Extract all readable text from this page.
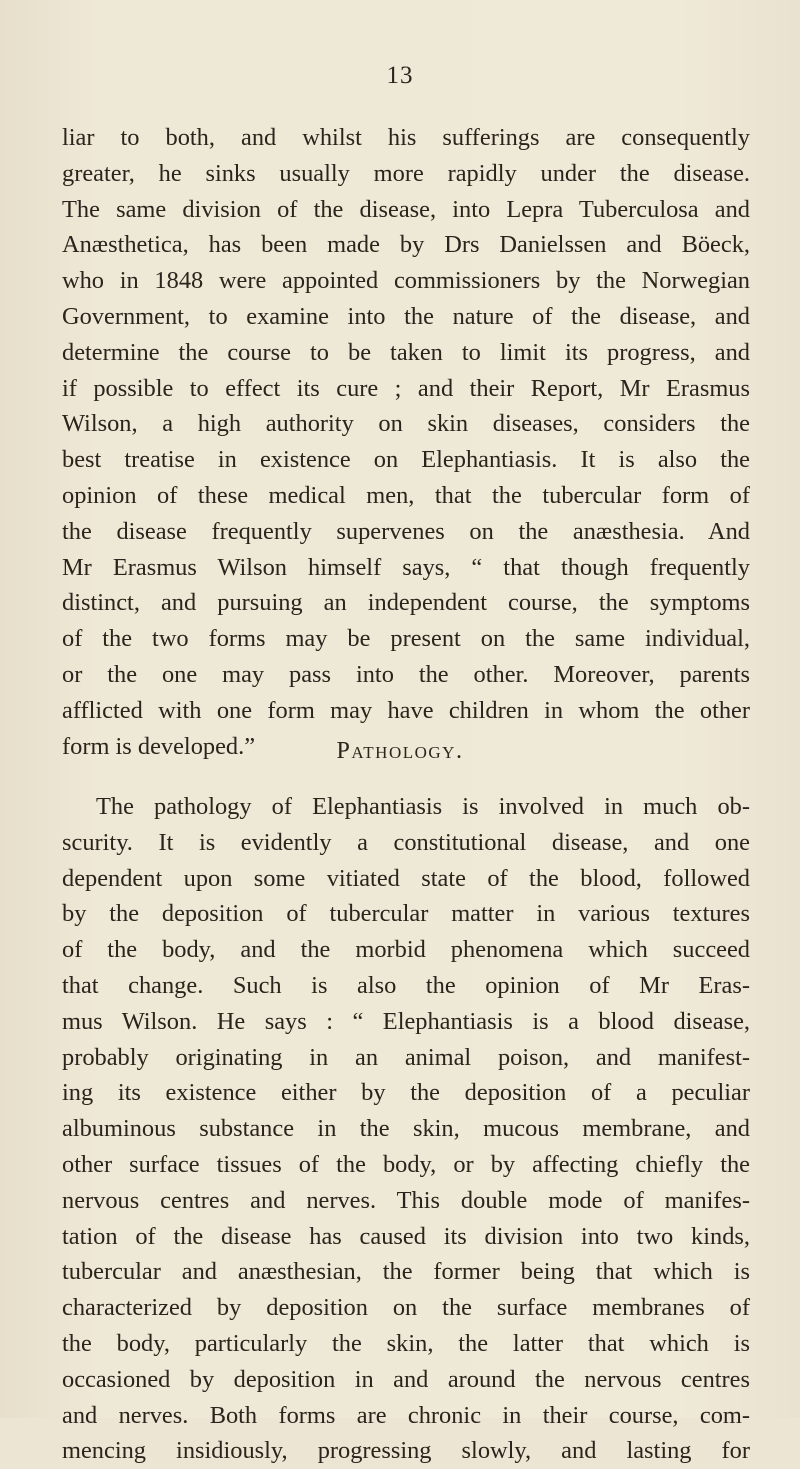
13
liar to both, and whilst his sufferings are consequently
greater, he sinks usually more rapidly under the disease.
The same division of the disease, into Lepra Tuberculosa and
Anæsthetica, has been made by Drs Danielssen and Böeck,
who in 1848 were appointed commissioners by the Norwegian
Government, to examine into the nature of the disease, and
determine the course to be taken to limit its progress, and
if possible to effect its cure ; and their Report, Mr Erasmus
Wilson, a high authority on skin diseases, considers the
best treatise in existence on Elephantiasis. It is also the
opinion of these medical men, that the tubercular form of
the disease frequently supervenes on the anæsthesia. And
Mr Erasmus Wilson himself says, “ that though frequently
distinct, and pursuing an independent course, the symptoms
of the two forms may be present on the same individual,
or the one may pass into the other. Moreover, parents
afflicted with one form may have children in whom the other
form is developed.”	Pathology.
The pathology of Elephantiasis is involved in much ob-
scurity. It is evidently a constitutional disease, and one
dependent upon some vitiated state of the blood, followed
by the deposition of tubercular matter in various textures
of the body, and the morbid phenomena which succeed
that change. Such is also the opinion of Mr Eras-
mus Wilson. He says : “ Elephantiasis is a blood disease,
probably originating in an animal poison, and manifest-
ing its existence either by the deposition of a peculiar
albuminous substance in the skin, mucous membrane, and
other surface tissues of the body, or by affecting chiefly the
nervous centres and nerves. This double mode of manifes-
tation of the disease has caused its division into two kinds,
tubercular and anæsthesian, the former being that which is
characterized by deposition on the surface membranes of
the body, particularly the skin, the latter that which is
occasioned by deposition in and around the nervous centres
and nerves. Both forms are chronic in their course, com-
mencing insidiously, progressing slowly, and lasting for
